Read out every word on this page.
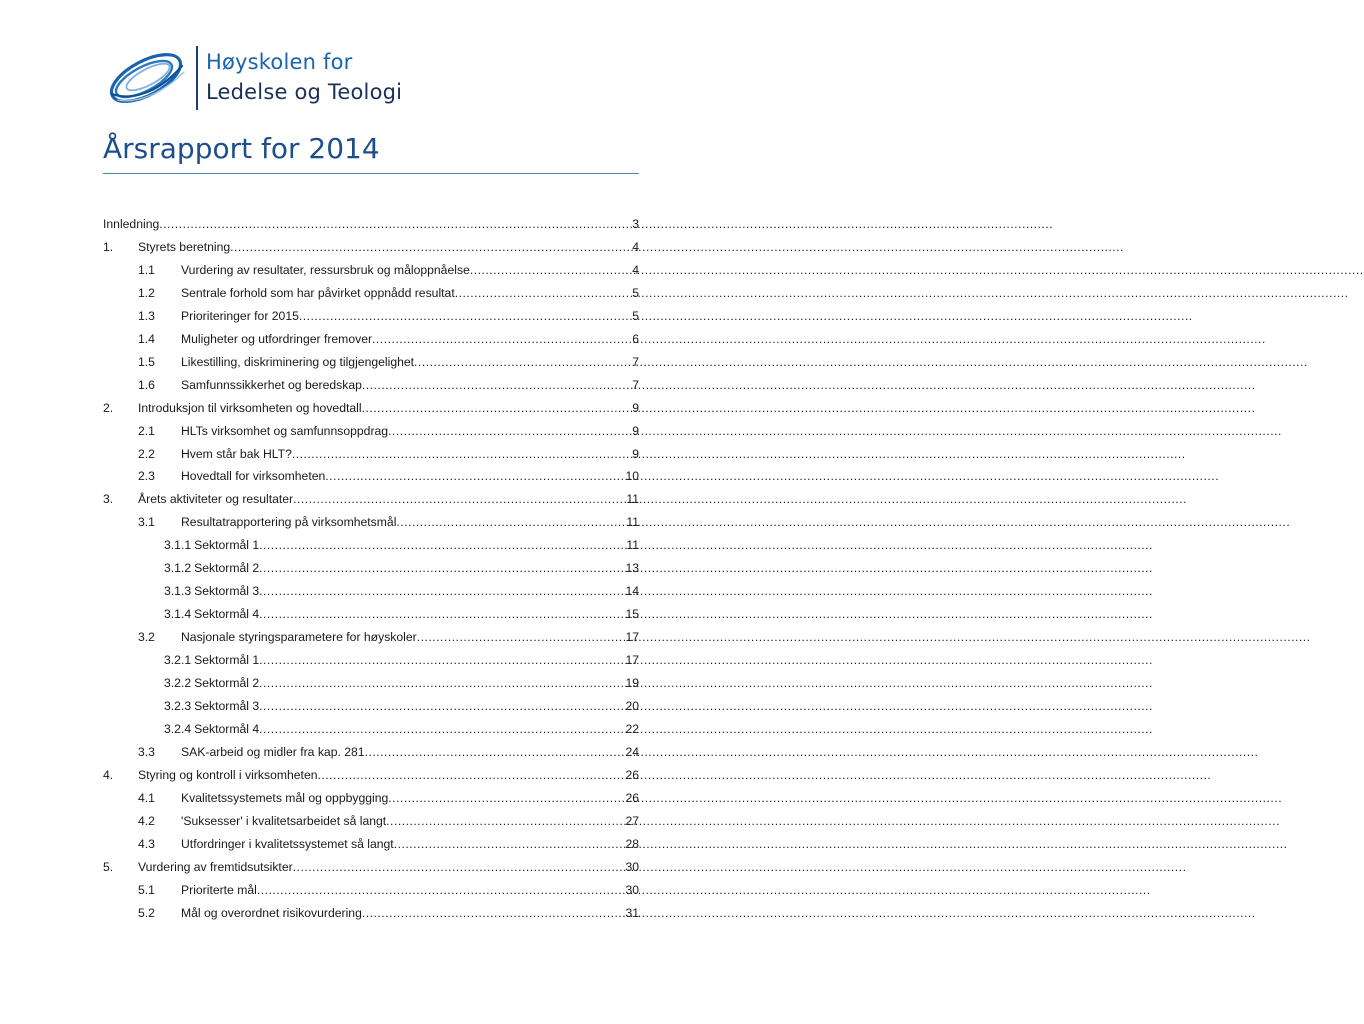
Høyskolen for
Ledelse og Teologi
Årsrapport for 2014
Innledning .....	3
1.	Styrets beretning .....	4
1.1	Vurdering av resultater, ressursbruk og måloppnåelse .....	4
1.2	Sentrale forhold som har påvirket oppnådd resultat .....	5
1.3	Prioriteringer for 2015 .....	5
1.4	Muligheter og utfordringer fremover .....	6
1.5	Likestilling, diskriminering og tilgjengelighet .....	7
1.6	Samfunnssikkerhet og beredskap .....	7
2.	Introduksjon til virksomheten og hovedtall .....	9
2.1	HLTs virksomhet og samfunnsoppdrag .....	9
2.2	Hvem står bak HLT? .....	9
2.3	Hovedtall for virksomheten .....	10
3.	Årets aktiviteter og resultater .....	11
3.1	Resultatrapportering på virksomhetsmål .....	11
3.1.1 Sektormål 1 .....	11
3.1.2 Sektormål 2 .....	13
3.1.3 Sektormål 3 .....	14
3.1.4 Sektormål 4 .....	15
3.2	Nasjonale styringsparametere for høyskoler .....	17
3.2.1 Sektormål 1 .....	17
3.2.2 Sektormål 2 .....	19
3.2.3 Sektormål 3 .....	20
3.2.4 Sektormål 4 .....	22
3.3	SAK-arbeid og midler fra kap. 281 .....	24
4.	Styring og kontroll i virksomheten .....	26
4.1	Kvalitetssystemets mål og oppbygging .....	26
4.2	'Suksesser' i kvalitetsarbeidet så langt .....	27
4.3	Utfordringer i kvalitetssystemet så langt .....	28
5.	Vurdering av fremtidsutsikter .....	30
5.1	Prioriterte mål .....	30
5.2	Mål og overordnet risikovurdering .....	31
